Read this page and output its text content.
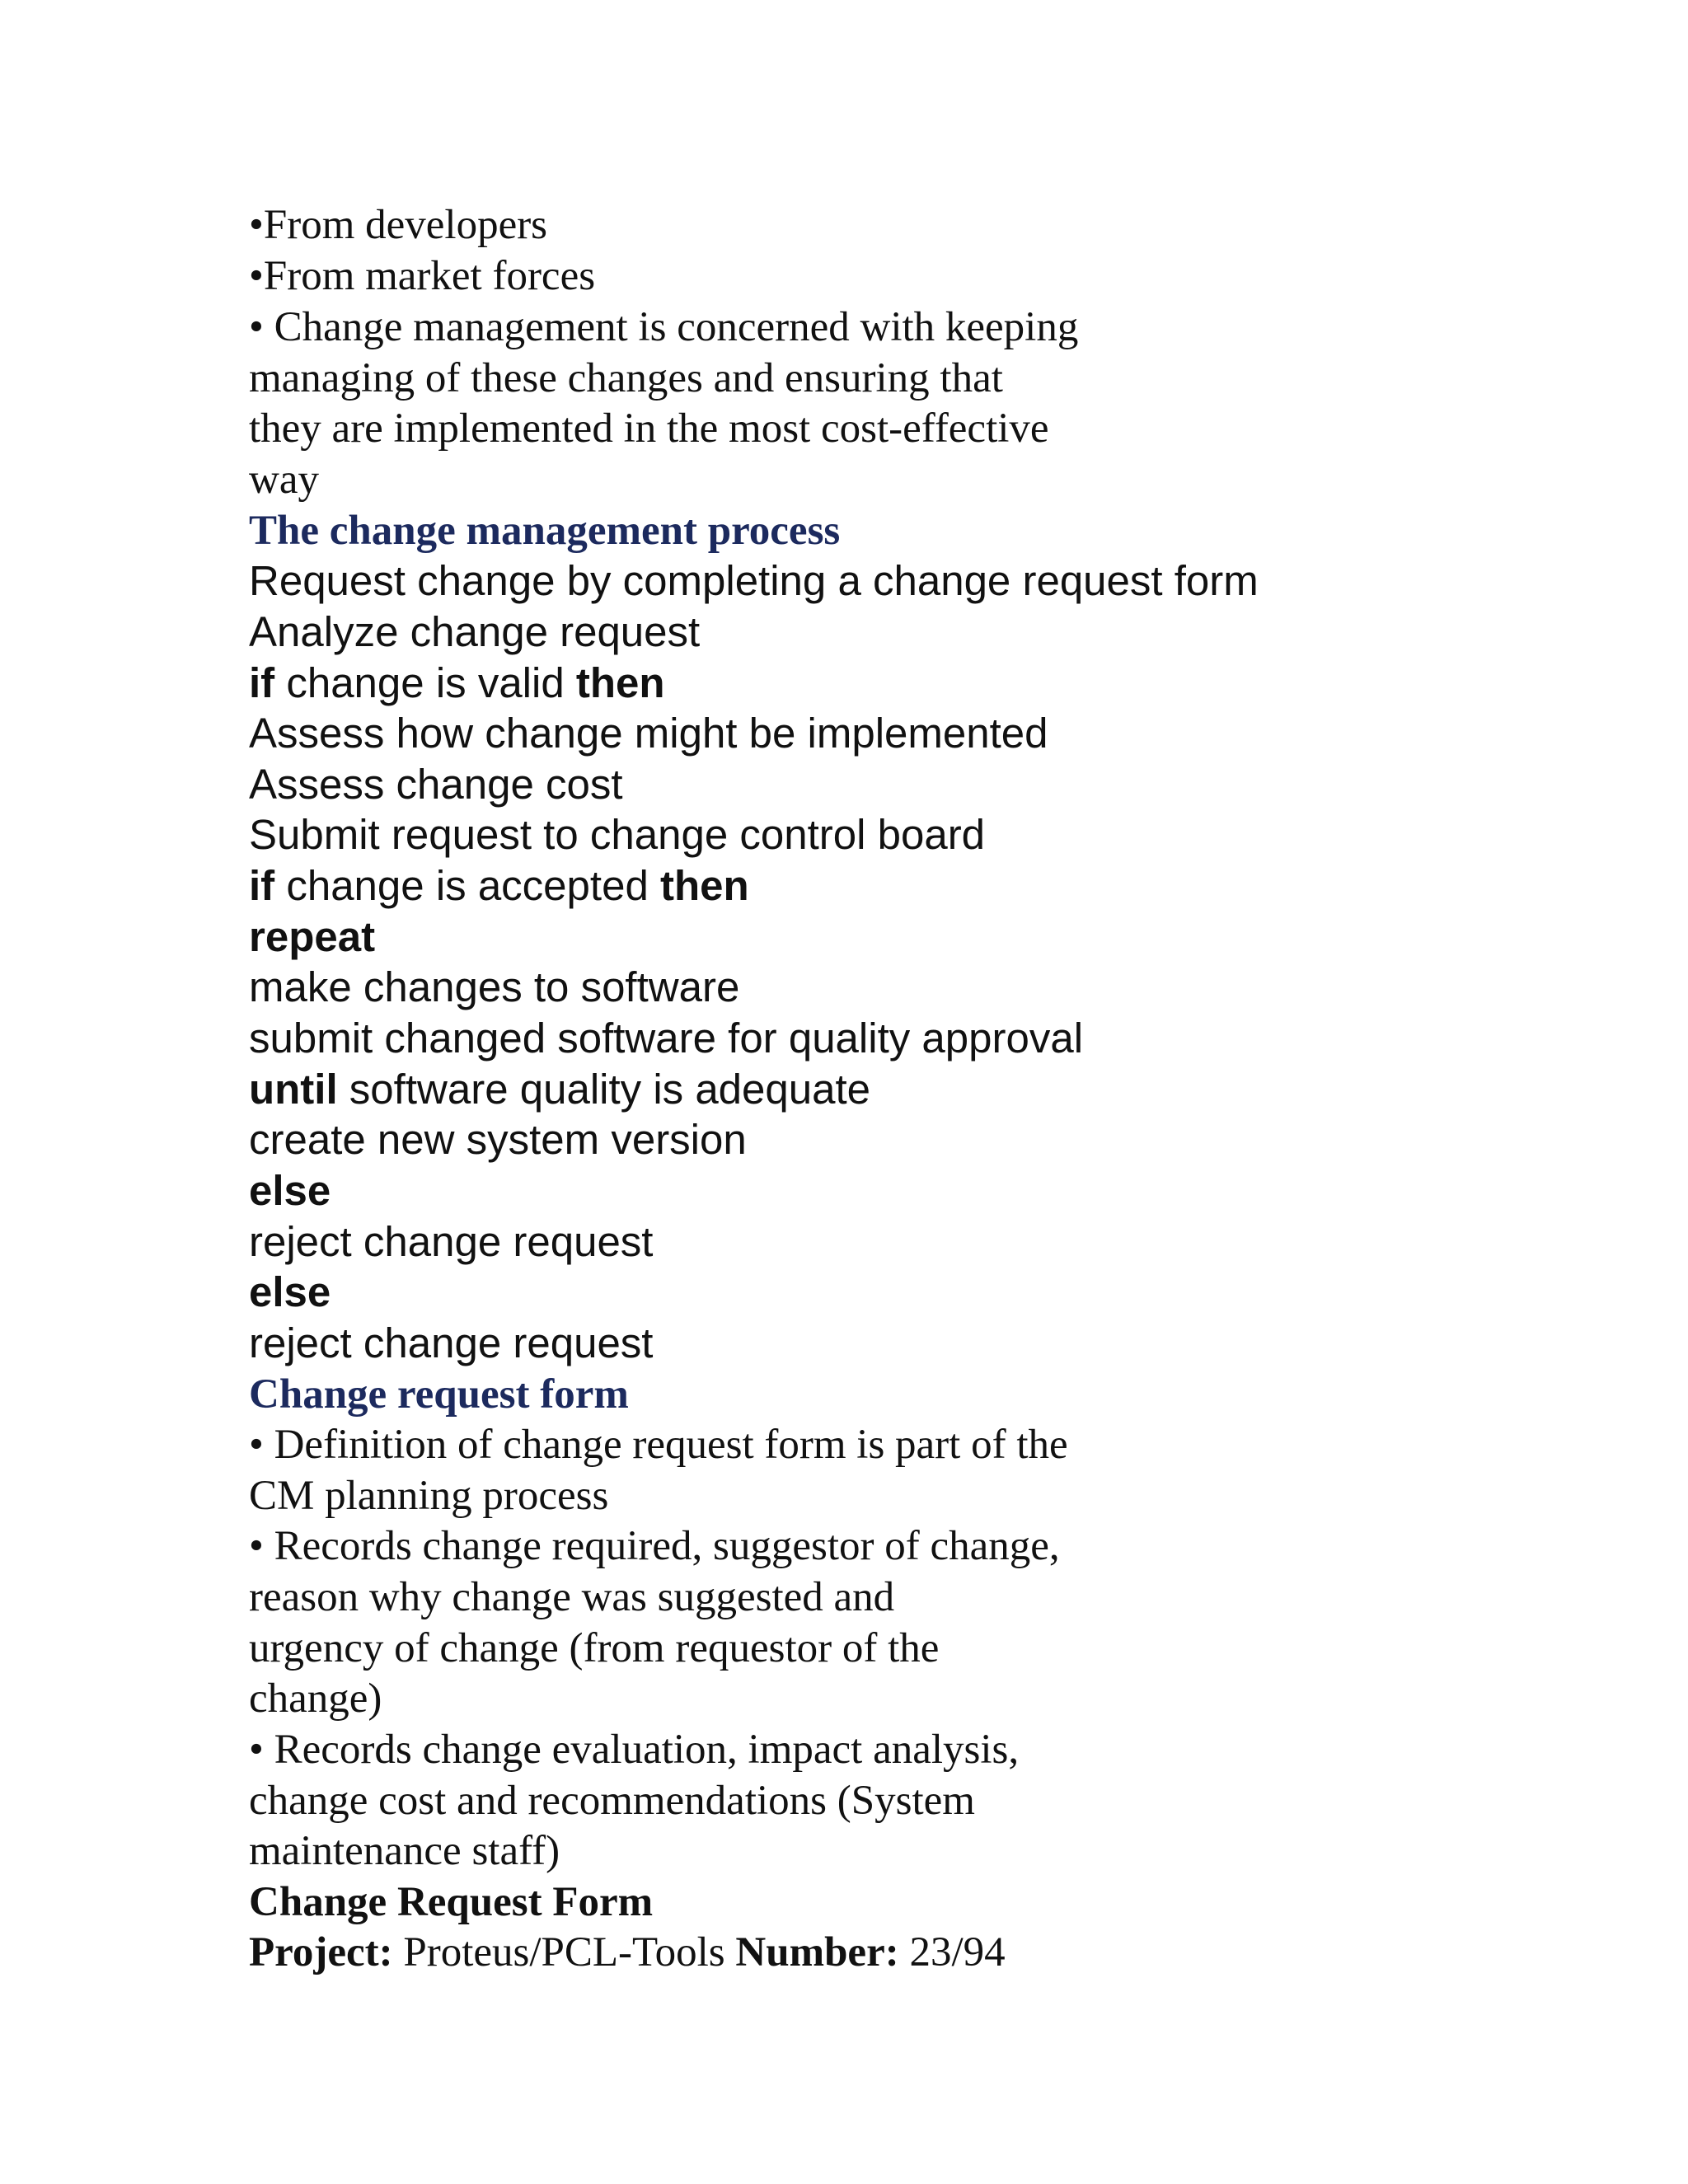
•From developers

•From market forces

• Change management is concerned with keeping

managing of these changes and ensuring that

they are implemented in the most cost-effective

way

The change management process

Request change by completing a change request form

Analyze change request

if change is valid then

Assess how change might be implemented

Assess change cost

Submit request to change control board

if change is accepted then

repeat

make changes to software

submit changed software for quality approval

until software quality is adequate

create new system version

else

reject change request

else

reject change request

Change request form

• Definition of change request form is part of the

CM planning process

• Records change required, suggestor of change,

reason why change was suggested and

urgency of change (from requestor of the

change)

• Records change evaluation, impact analysis,

change cost and recommendations (System

maintenance staff)

Change Request Form

Project: Proteus/PCL-Tools Number: 23/94
